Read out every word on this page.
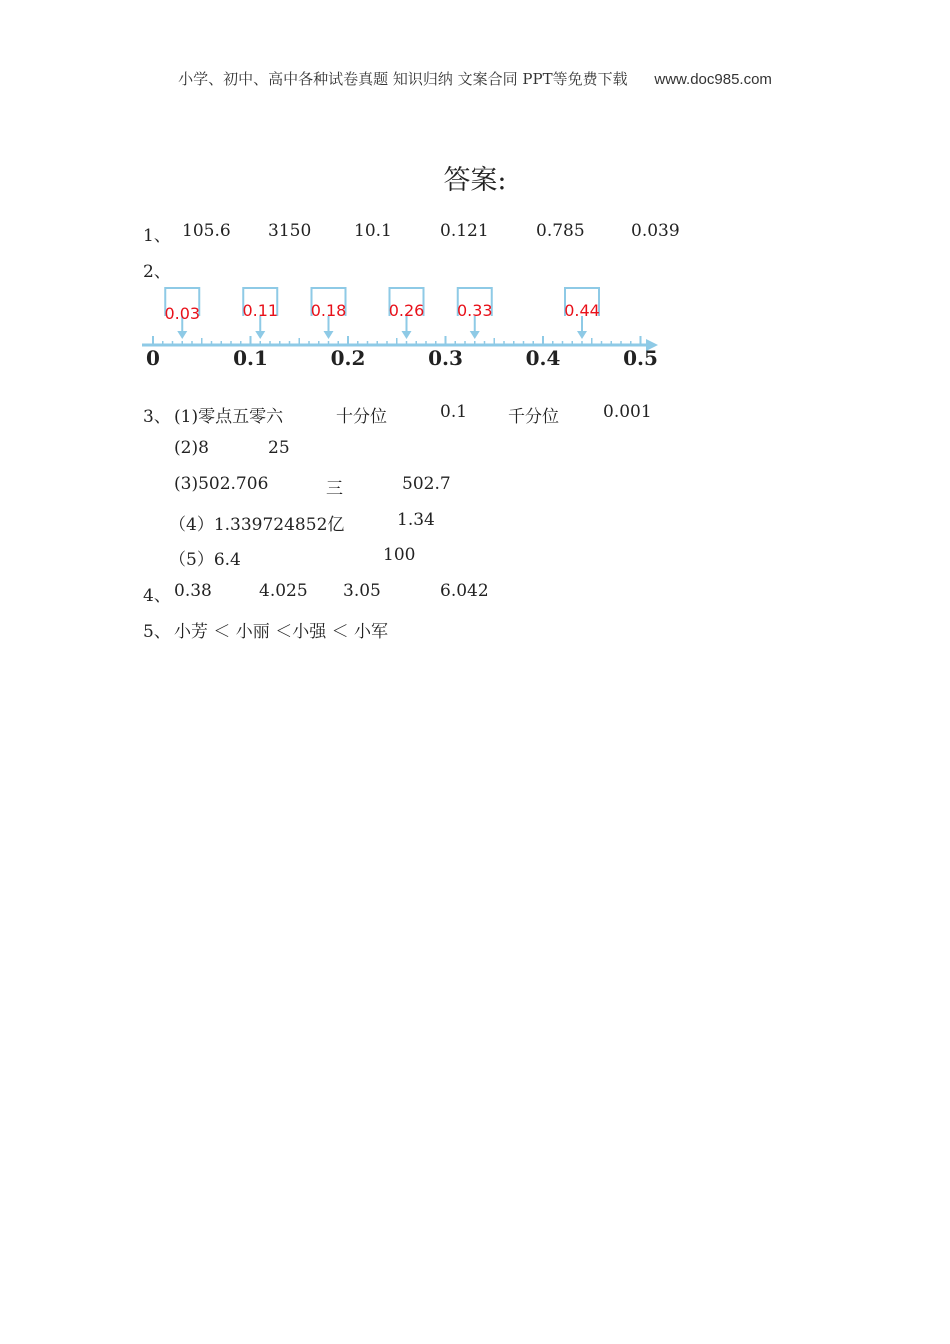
小学、初中、高中各种试卷真题 知识归纳 文案合同 PPT等免费下载 www.doc985.com
答案:
1、 105.6 3150	10.1	0.121	0.785	0.039
2、
0	0.1	0.2	0.3	0.4	0.5
0.03	0.11 0.18	0.26 0.33	0.44
3、 (1)零点五零六	十分位	0.1 千分位	0.001
(2)8	25
(3)502.706	三	502.7
（4）1.339724852亿	1.34
（5）6.4	100
4、 0.38	4.025 3.05	6.042
5、 小芳 ＜ 小丽 ＜小强 ＜ 小军
